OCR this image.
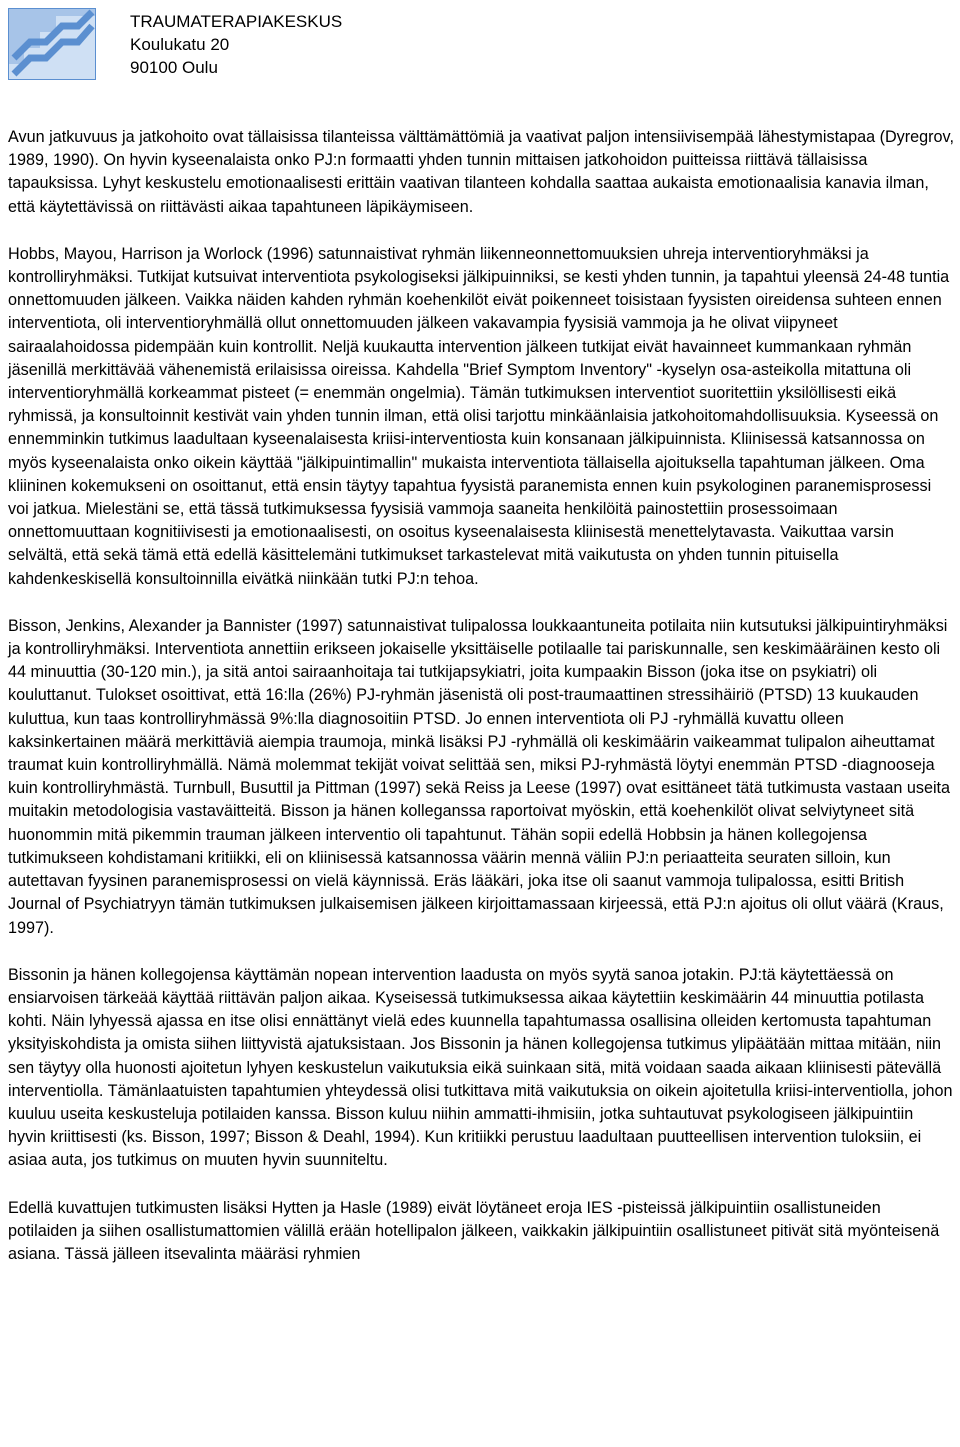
TRAUMATERAPIAKESKUS
Koulukatu 20
90100 Oulu

Avun jatkuvuus ja jatkohoito ovat tällaisissa tilanteissa välttämättömiä ja vaativat paljon intensiivisempää lähestymistapaa (Dyregrov, 1989, 1990). On hyvin kyseenalaista onko PJ:n formaatti yhden tunnin mittaisen jatkohoidon puitteissa riittävä tällaisissa tapauksissa. Lyhyt keskustelu emotionaalisesti erittäin vaativan tilanteen kohdalla saattaa aukaista emotionaalisia kanavia ilman, että käytettävissä on riittävästi aikaa tapahtuneen läpikäymiseen.

Hobbs, Mayou, Harrison ja Worlock (1996) satunnaistivat ryhmän liikenneonnettomuuksien uhreja interventioryhmäksi ja kontrolliryhmäksi. Tutkijat kutsuivat interventiota psykologiseksi jälkipuinniksi, se kesti yhden tunnin, ja tapahtui yleensä 24-48 tuntia onnettomuuden jälkeen. Vaikka näiden kahden ryhmän koehenkilöt eivät poikenneet toisistaan fyysisten oireidensa suhteen ennen interventiota, oli interventioryhmällä ollut onnettomuuden jälkeen vakavampia fyysisiä vammoja ja he olivat viipyneet sairaalahoidossa pidempään kuin kontrollit. Neljä kuukautta intervention jälkeen tutkijat eivät havainneet kummankaan ryhmän jäsenillä merkittävää vähenemistä erilaisissa oireissa. Kahdella "Brief Symptom Inventory" -kyselyn osa-asteikolla mitattuna oli interventioryhmällä korkeammat pisteet (= enemmän ongelmia). Tämän tutkimuksen interventiot suoritettiin yksilöllisesti eikä ryhmissä, ja konsultoinnit kestivät vain yhden tunnin ilman, että olisi tarjottu minkäänlaisia jatkohoitomahdollisuuksia. Kyseessä on ennemminkin tutkimus laadultaan kyseenalaisesta kriisi-interventiosta kuin konsanaan jälkipuinnista. Kliinisessä katsannossa on myös kyseenalaista onko oikein käyttää "jälkipuintimallin" mukaista interventiota tällaisella ajoituksella tapahtuman jälkeen. Oma kliininen kokemukseni on osoittanut, että ensin täytyy tapahtua fyysistä paranemista ennen kuin psykologinen paranemisprosessi voi jatkua. Mielestäni se, että tässä tutkimuksessa fyysisiä vammoja saaneita henkilöitä painostettiin prosessoimaan onnettomuuttaan kognitiivisesti ja emotionaalisesti, on osoitus kyseenalaisesta kliinisestä menettelytavasta. Vaikuttaa varsin selvältä, että sekä tämä että edellä käsittelemäni tutkimukset tarkastelevat mitä vaikutusta on yhden tunnin pituisella kahdenkeskisellä konsultoinnilla eivätkä niinkään tutki PJ:n tehoa.

Bisson, Jenkins, Alexander ja Bannister (1997) satunnaistivat tulipalossa loukkaantuneita potilaita niin kutsutuksi jälkipuintiryhmäksi ja kontrolliryhmäksi. Interventiota annettiin erikseen jokaiselle yksittäiselle potilaalle tai pariskunnalle, sen keskimääräinen kesto oli 44 minuuttia (30-120 min.), ja sitä antoi sairaanhoitaja tai tutkijapsykiatri, joita kumpaakin Bisson (joka itse on psykiatri) oli kouluttanut. Tulokset osoittivat, että 16:lla (26%) PJ-ryhmän jäsenistä oli post-traumaattinen stressihäiriö (PTSD) 13 kuukauden kuluttua, kun taas kontrolliryhmässä 9%:lla diagnosoitiin PTSD. Jo ennen interventiota oli PJ -ryhmällä kuvattu olleen kaksinkertainen määrä merkittäviä aiempia traumoja, minkä lisäksi PJ -ryhmällä oli keskimäärin vaikeammat tulipalon aiheuttamat traumat kuin kontrolliryhmällä. Nämä molemmat tekijät voivat selittää sen, miksi PJ-ryhmästä löytyi enemmän PTSD -diagnooseja kuin kontrolliryhmästä. Turnbull, Busuttil ja Pittman (1997) sekä Reiss ja Leese (1997) ovat esittäneet tätä tutkimusta vastaan useita muitakin metodologisia vastaväitteitä. Bisson ja hänen kolleganssa raportoivat myöskin, että koehenkilöt olivat selviytyneet sitä huonommin mitä pikemmin trauman jälkeen interventio oli tapahtunut. Tähän sopii edellä Hobbsin ja hänen kollegojensa tutkimukseen kohdistamani kritiikki, eli on kliinisessä katsannossa väärin mennä väliin PJ:n periaatteita seuraten silloin, kun autettavan fyysinen paranemisprosessi on vielä käynnissä. Eräs lääkäri, joka itse oli saanut vammoja tulipalossa, esitti British Journal of Psychiatryyn tämän tutkimuksen julkaisemisen jälkeen kirjoittamassaan kirjeessä, että PJ:n ajoitus oli ollut väärä (Kraus, 1997).

Bissonin ja hänen kollegojensa käyttämän nopean intervention laadusta on myös syytä sanoa jotakin. PJ:tä käytettäessä on ensiarvoisen tärkeää käyttää riittävän paljon aikaa. Kyseisessä tutkimuksessa aikaa käytettiin keskimäärin 44 minuuttia potilasta kohti. Näin lyhyessä ajassa en itse olisi ennättänyt vielä edes kuunnella tapahtumassa osallisina olleiden kertomusta tapahtuman yksityiskohdista ja omista siihen liittyvistä ajatuksistaan. Jos Bissonin ja hänen kollegojensa tutkimus ylipäätään mittaa mitään, niin sen täytyy olla huonosti ajoitetun lyhyen keskustelun vaikutuksia eikä suinkaan sitä, mitä voidaan saada aikaan kliinisesti pätevällä interventiolla. Tämänlaatuisten tapahtumien yhteydessä olisi tutkittava mitä vaikutuksia on oikein ajoitetulla kriisi-interventiolla, johon kuuluu useita keskusteluja potilaiden kanssa. Bisson kuluu niihin ammatti-ihmisiin, jotka suhtautuvat psykologiseen jälkipuintiin hyvin kriittisesti (ks. Bisson, 1997; Bisson & Deahl, 1994). Kun kritiikki perustuu laadultaan puutteellisen intervention tuloksiin, ei asiaa auta, jos tutkimus on muuten hyvin suunniteltu.

Edellä kuvattujen tutkimusten lisäksi Hytten ja Hasle (1989) eivät löytäneet eroja IES -pisteissä jälkipuintiin osallistuneiden potilaiden ja siihen osallistumattomien välillä erään hotellipalon jälkeen, vaikkakin jälkipuintiin osallistuneet pitivät sitä myönteisenä asiana. Tässä jälleen itsevalinta määräsi ryhmien
